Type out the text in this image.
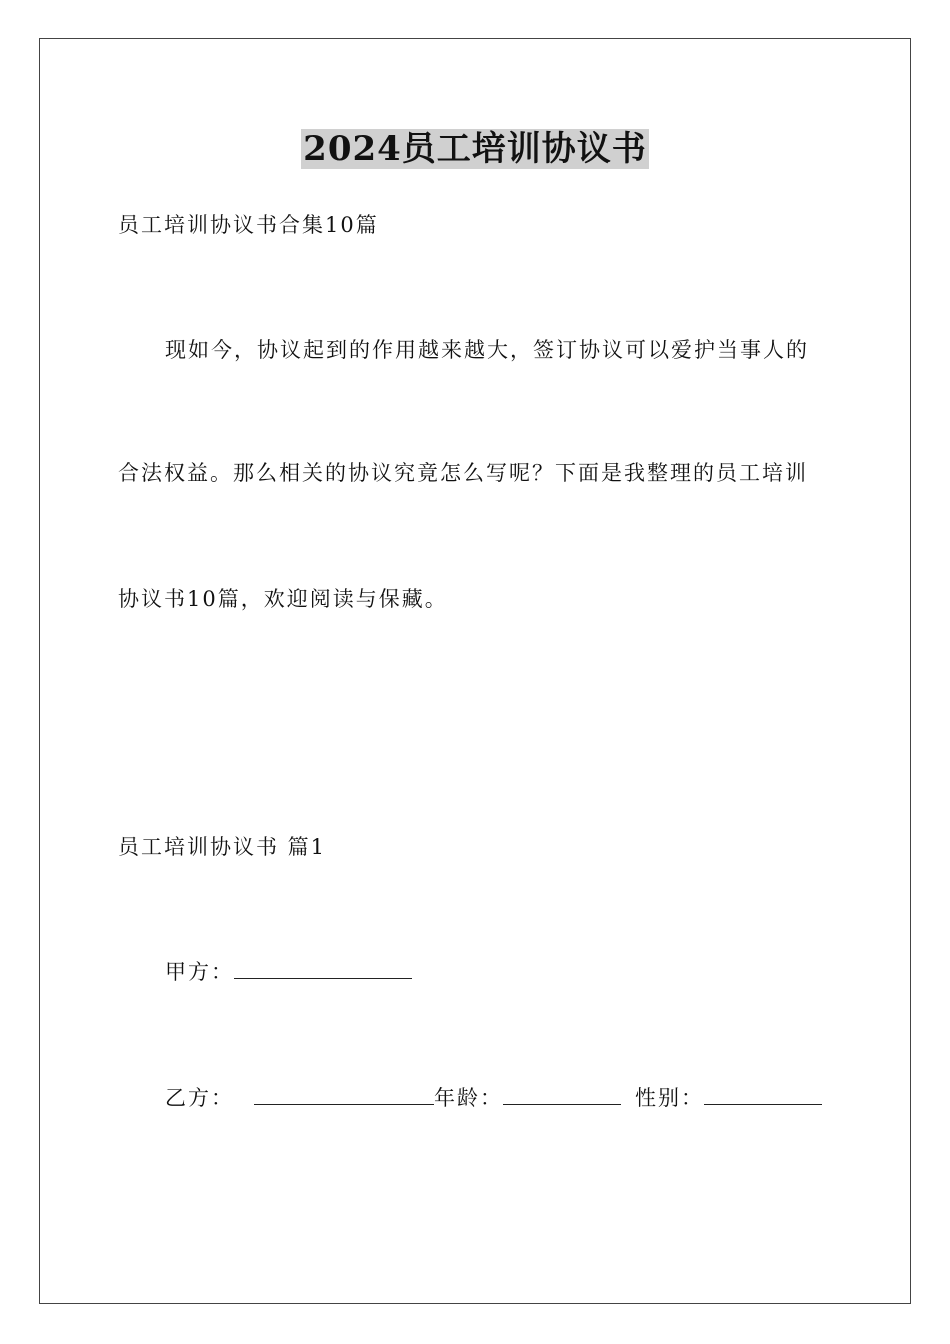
2024员工培训协议书
员工培训协议书合集10篇
现如今，协议起到的作用越来越大，签订协议可以爱护当事人的
合法权益。那么相关的协议究竟怎么写呢？下面是我整理的员工培训
协议书10篇，欢迎阅读与保藏。
员工培训协议书 篇1
甲方：
乙方：	年龄：	性别：
